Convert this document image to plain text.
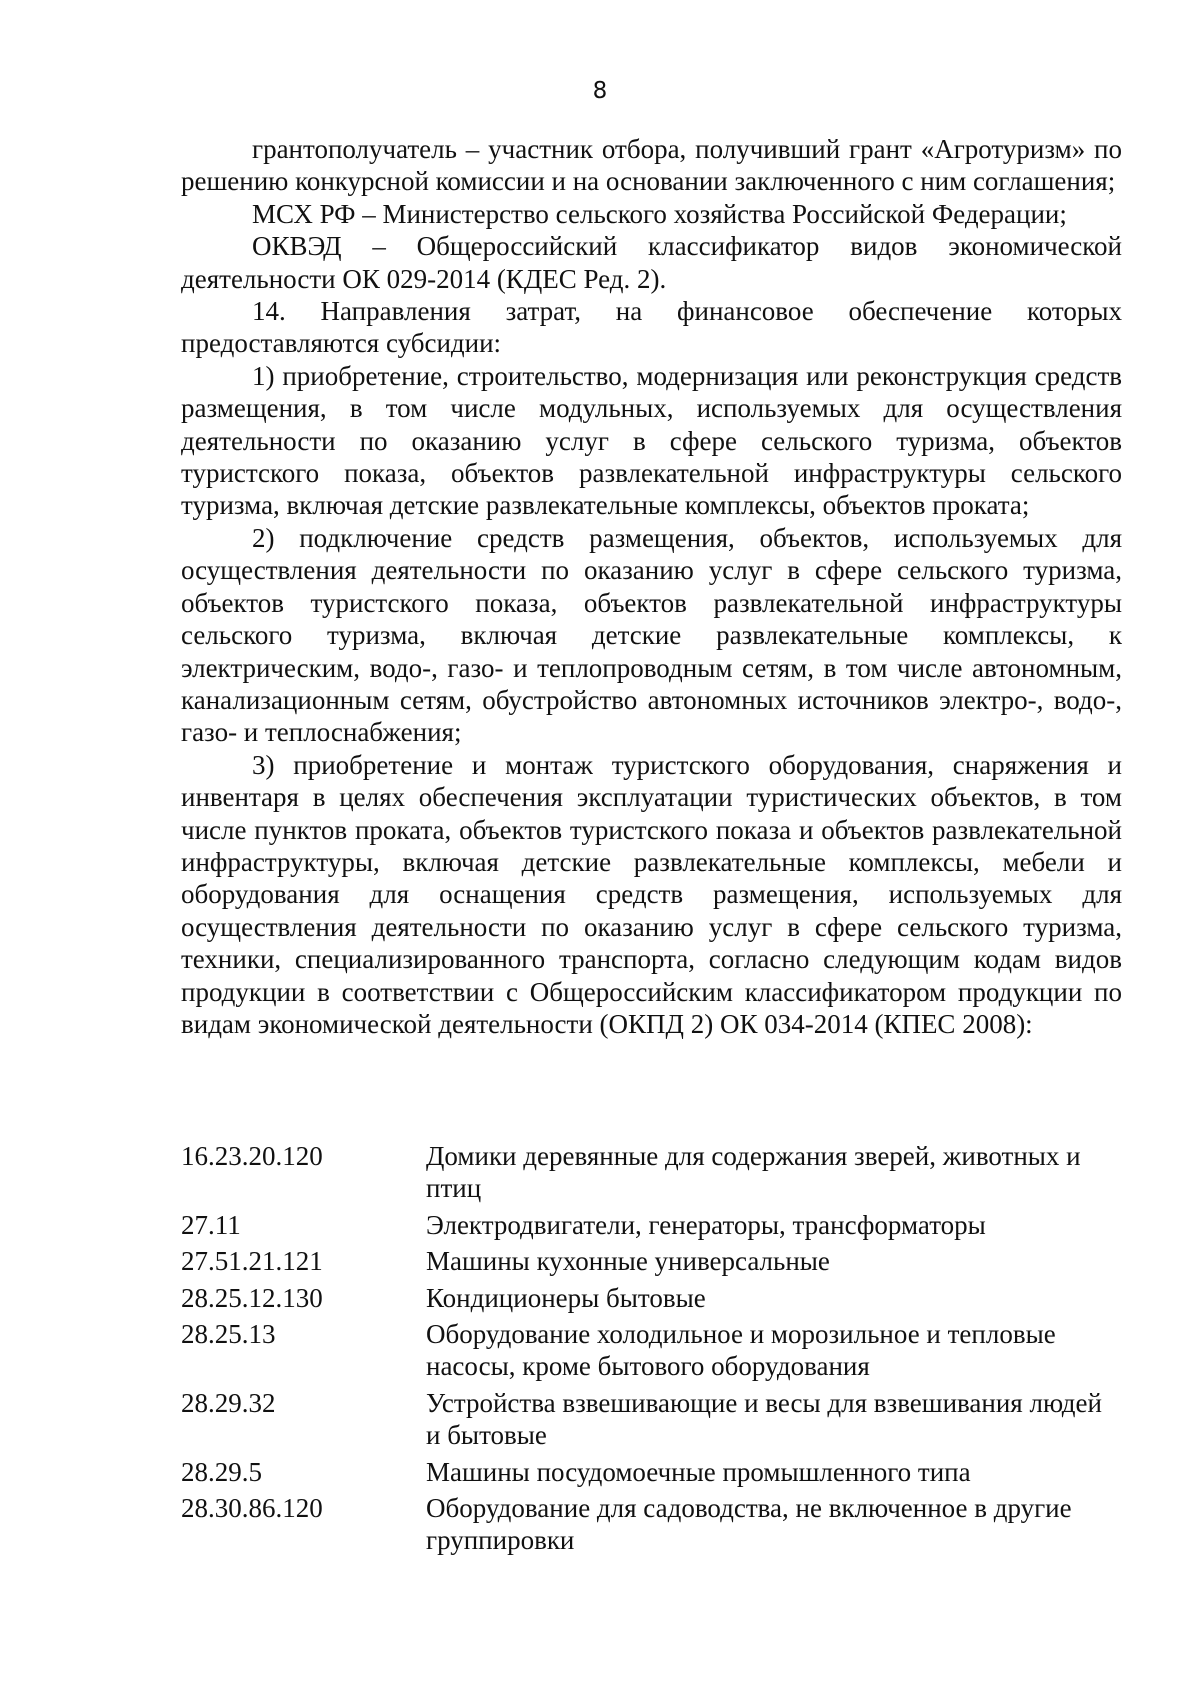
8

грантополучатель – участник отбора, получивший грант «Агротуризм» по решению конкурсной комиссии и на основании заключенного с ним соглашения;

МСХ РФ – Министерство сельского хозяйства Российской Федерации;

ОКВЭД – Общероссийский классификатор видов экономической деятельности ОК 029-2014 (КДЕС Ред. 2).

14. Направления затрат, на финансовое обеспечение которых предоставляются субсидии:

1) приобретение, строительство, модернизация или реконструкция средств размещения, в том числе модульных, используемых для осуществления деятельности по оказанию услуг в сфере сельского туризма, объектов туристского показа, объектов развлекательной инфраструктуры сельского туризма, включая детские развлекательные комплексы, объектов проката;

2) подключение средств размещения, объектов, используемых для осуществления деятельности по оказанию услуг в сфере сельского туризма, объектов туристского показа, объектов развлекательной инфраструктуры сельского туризма, включая детские развлекательные комплексы, к электрическим, водо-, газо- и теплопроводным сетям, в том числе автономным, канализационным сетям, обустройство автономных источников электро-, водо-, газо- и теплоснабжения;

3) приобретение и монтаж туристского оборудования, снаряжения и инвентаря в целях обеспечения эксплуатации туристических объектов, в том числе пунктов проката, объектов туристского показа и объектов развлекательной инфраструктуры, включая детские развлекательные комплексы, мебели и оборудования для оснащения средств размещения, используемых для осуществления деятельности по оказанию услуг в сфере сельского туризма, техники, специализированного транспорта, согласно следующим кодам видов продукции в соответствии с Общероссийским классификатором продукции по видам экономической деятельности (ОКПД 2) ОК 034-2014 (КПЕС 2008):

16.23.20.120	Домики деревянные для содержания зверей, животных и птиц
27.11	Электродвигатели, генераторы, трансформаторы
27.51.21.121	Машины кухонные универсальные
28.25.12.130	Кондиционеры бытовые
28.25.13	Оборудование холодильное и морозильное и тепловые насосы, кроме бытового оборудования
28.29.32	Устройства взвешивающие и весы для взвешивания людей и бытовые
28.29.5	Машины посудомоечные промышленного типа
28.30.86.120	Оборудование для садоводства, не включенное в другие группировки
